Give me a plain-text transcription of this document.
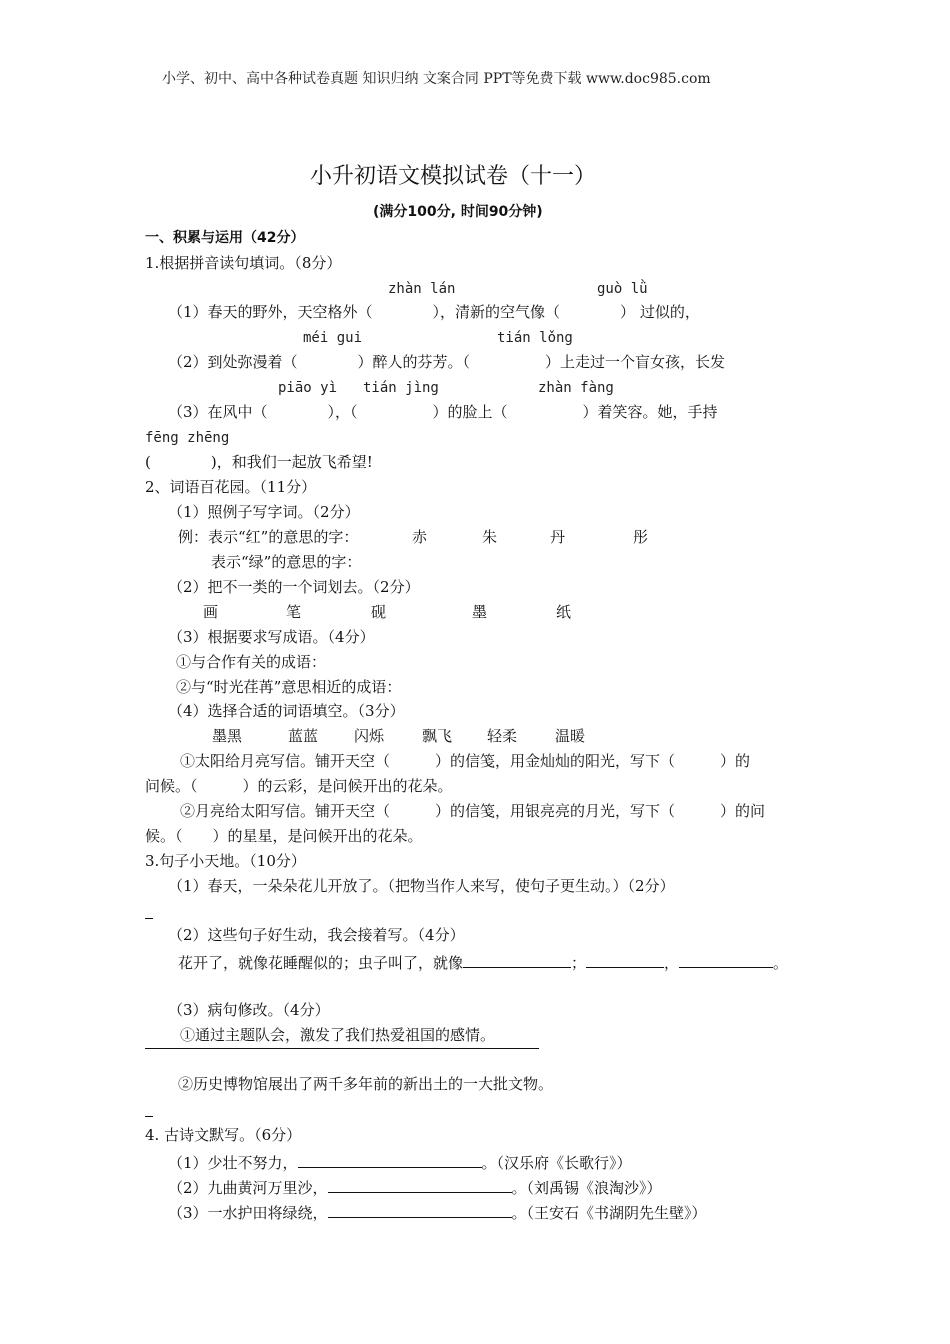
小学、初中、高中各种试卷真题 知识归纳 文案合同 PPT等免费下载 www.doc985.com
小升初语文模拟试卷（十一）
(满分100分, 时间90分钟)
一、积累与运用（42分）
1.根据拼音读句填词。（8分）
zhàn lán	guò lǜ
（1）春天的野外，天空格外（　　　　），清新的空气像（　　　　） 过似的，
méi gui	tián lǒng
（2）到处弥漫着（　　　　）醉人的芬芳。（　　　　　）上走过一个盲女孩，长发
piāo yì tián jìng	zhàn fàng
（3）在风中（　　　　），（　　　　　）的脸上（　　　　　）着笑容。她，手持
fēng zhēng
(　　　　)，和我们一起放飞希望!
2、词语百花园。（11分）
（1）照例子写字词。（2分）
例：表示“红”的意思的字：	赤	朱	丹	彤
表示“绿”的意思的字：
（2）把不一类的一个词划去。（2分）
画	笔	砚	墨	纸
（3）根据要求写成语。（4分）
①与合作有关的成语：
②与“时光荏苒”意思相近的成语：
（4）选择合适的词语填空。（3分）
墨黑	蓝蓝 闪烁	飘飞 轻柔	温暖
①太阳给月亮写信。铺开天空（　　　）的信笺，用金灿灿的阳光，写下（　　　）的
问候。（　　　）的云彩，是问候开出的花朵。
②月亮给太阳写信。铺开天空（　　　）的信笺，用银亮亮的月光，写下（　　　）的问
候。（　　）的星星，是问候开出的花朵。
3.句子小天地。（10分）
（1）春天，一朵朵花儿开放了。（把物当作人来写，使句子更生动。）（2分）
（2）这些句子好生动，我会接着写。（4分）
花开了，就像花睡醒似的；虫子叫了，就像	；	，	。
（3）病句修改。（4分）
①通过主题队会，激发了我们热爱祖国的感情。
②历史博物馆展出了两千多年前的新出土的一大批文物。
4. 古诗文默写。（6分）
（1）少壮不努力，	。（汉乐府《长歌行》）
（2）九曲黄河万里沙，	。（刘禹锡《浪淘沙》）
（3）一水护田将绿绕，	。（王安石《书湖阴先生壁》）
